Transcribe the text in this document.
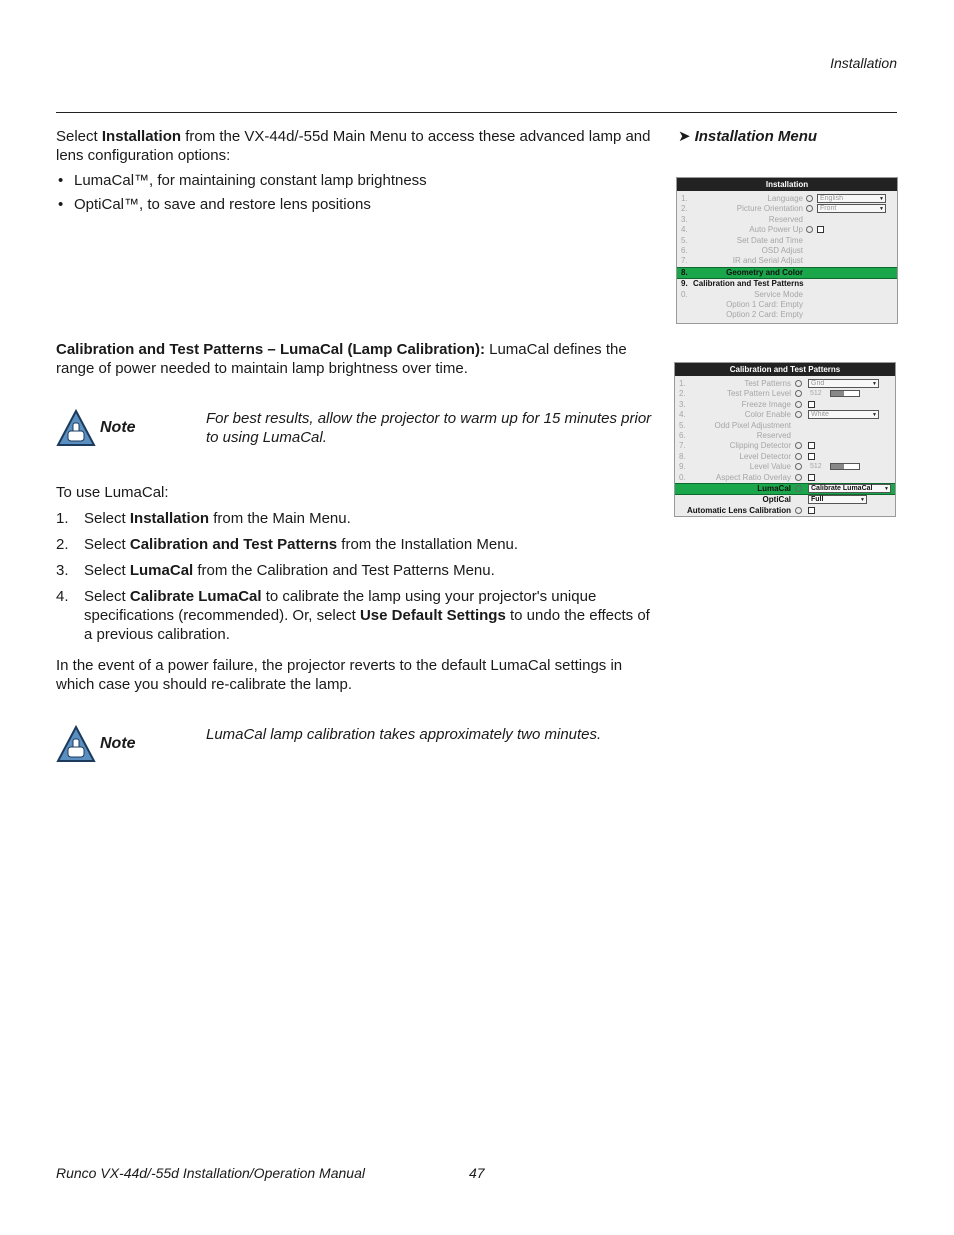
Installation
Select Installation from the VX-44d/-55d Main Menu to access these advanced lamp and lens configuration options:
• LumaCal™, for maintaining constant lamp brightness
• OptiCal™, to save and restore lens positions
➤ Installation Menu
Installation
1.	Language	English ▼
2.	Picture Orientation	Front ▼
3.	Reserved
4.	Auto Power Up
5.	Set Date and Time
6.	OSD Adjust
7.	IR and Serial Adjust
8.	Geometry and Color
9. Calibration and Test Patterns
0.	Service Mode
Option 1 Card: Empty
Option 2 Card: Empty
Calibration and Test Patterns – LumaCal (Lamp Calibration): LumaCal defines the range of power needed to maintain lamp brightness over time.	Calibration and Test Patterns
1.	Test Patterns	Grid ▼
2.	Test Pattern Level	512
3.	Freeze Image
4.	Color Enable	White ▼
5.	Odd Pixel Adjustment
6.	Reserved
7.	Clipping Detector
8.	Level Detector
9.	Level Value	512
0.	Aspect Ratio Overlay
LumaCal	Calibrate LumaCal ▼
OptiCal	Full ▼
Automatic Lens Calibration
Note
For best results, allow the projector to warm up for 15 minutes prior to using LumaCal.
To use LumaCal:
1. Select Installation from the Main Menu.
2. Select Calibration and Test Patterns from the Installation Menu.
3. Select LumaCal from the Calibration and Test Patterns Menu.
4. Select Calibrate LumaCal to calibrate the lamp using your projector's unique specifications (recommended). Or, select Use Default Settings to undo the effects of a previous calibration.
In the event of a power failure, the projector reverts to the default LumaCal settings in which case you should re-calibrate the lamp.
Note
LumaCal lamp calibration takes approximately two minutes.
Runco VX-44d/-55d Installation/Operation Manual	47
